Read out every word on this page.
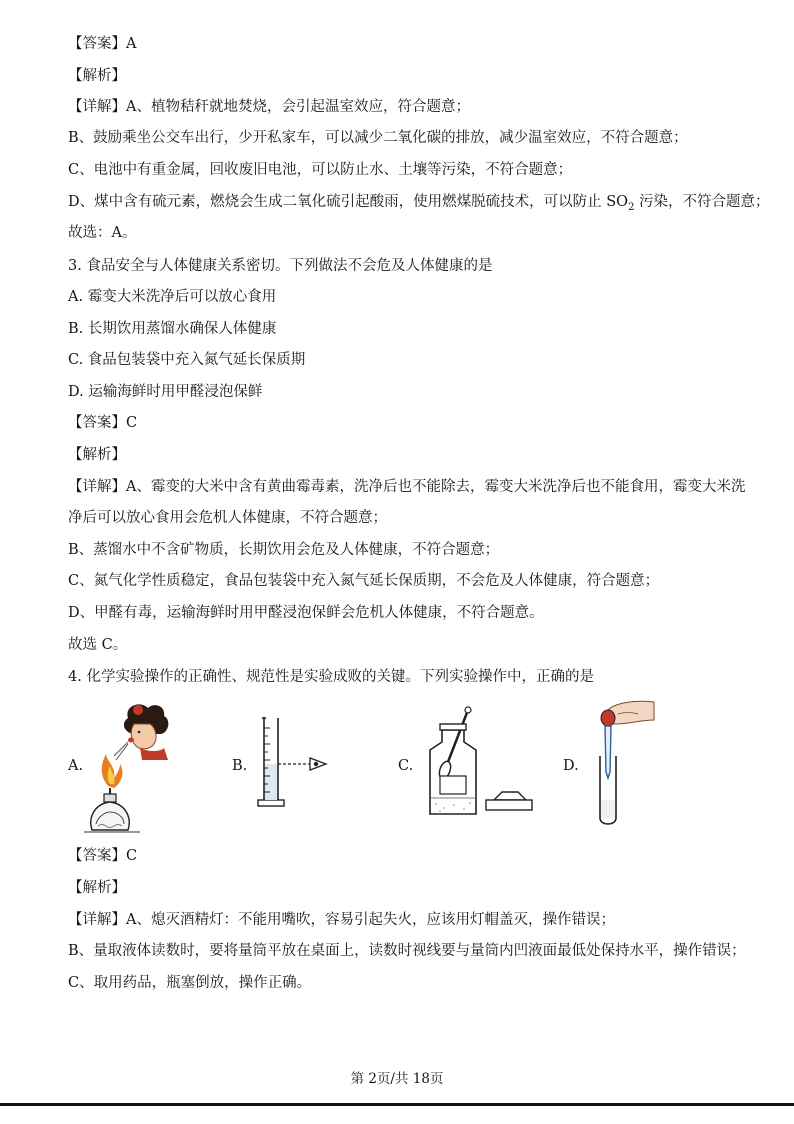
【答案】A
【解析】
【详解】A、植物秸秆就地焚烧，会引起温室效应，符合题意；
B、鼓励乘坐公交车出行，少开私家车，可以减少二氧化碳的排放，减少温室效应，不符合题意；
C、电池中有重金属，回收废旧电池，可以防止水、土壤等污染，不符合题意；
D、煤中含有硫元素，燃烧会生成二氧化硫引起酸雨，使用燃煤脱硫技术，可以防止 $SO_2$ 污染，不符合题意；
故选：A。
3. 食品安全与人体健康关系密切。下列做法不会危及人体健康的是
A. 霉变大米洗净后可以放心食用
B. 长期饮用蒸馏水确保人体健康
C. 食品包装袋中充入氮气延长保质期
D. 运输海鲜时用甲醛浸泡保鲜
【答案】C
【解析】
【详解】A、霉变的大米中含有黄曲霉毒素，洗净后也不能除去，霉变大米洗净后也不能食用，霉变大米洗
净后可以放心食用会危机人体健康，不符合题意；
B、蒸馏水中不含矿物质，长期饮用会危及人体健康，不符合题意；
C、氮气化学性质稳定，食品包装袋中充入氮气延长保质期，不会危及人体健康，符合题意；
D、甲醛有毒，运输海鲜时用甲醛浸泡保鲜会危机人体健康，不符合题意。
故选 C。
4. 化学实验操作的正确性、规范性是实验成败的关键。下列实验操作中，正确的是
A.	B.	C.	D.
【答案】C
【解析】
【详解】A、熄灭酒精灯：不能用嘴吹，容易引起失火，应该用灯帽盖灭，操作错误；
B、量取液体读数时，要将量筒平放在桌面上，读数时视线要与量筒内凹液面最低处保持水平，操作错误；
C、取用药品，瓶塞倒放，操作正确。
第 2页/共 18页
